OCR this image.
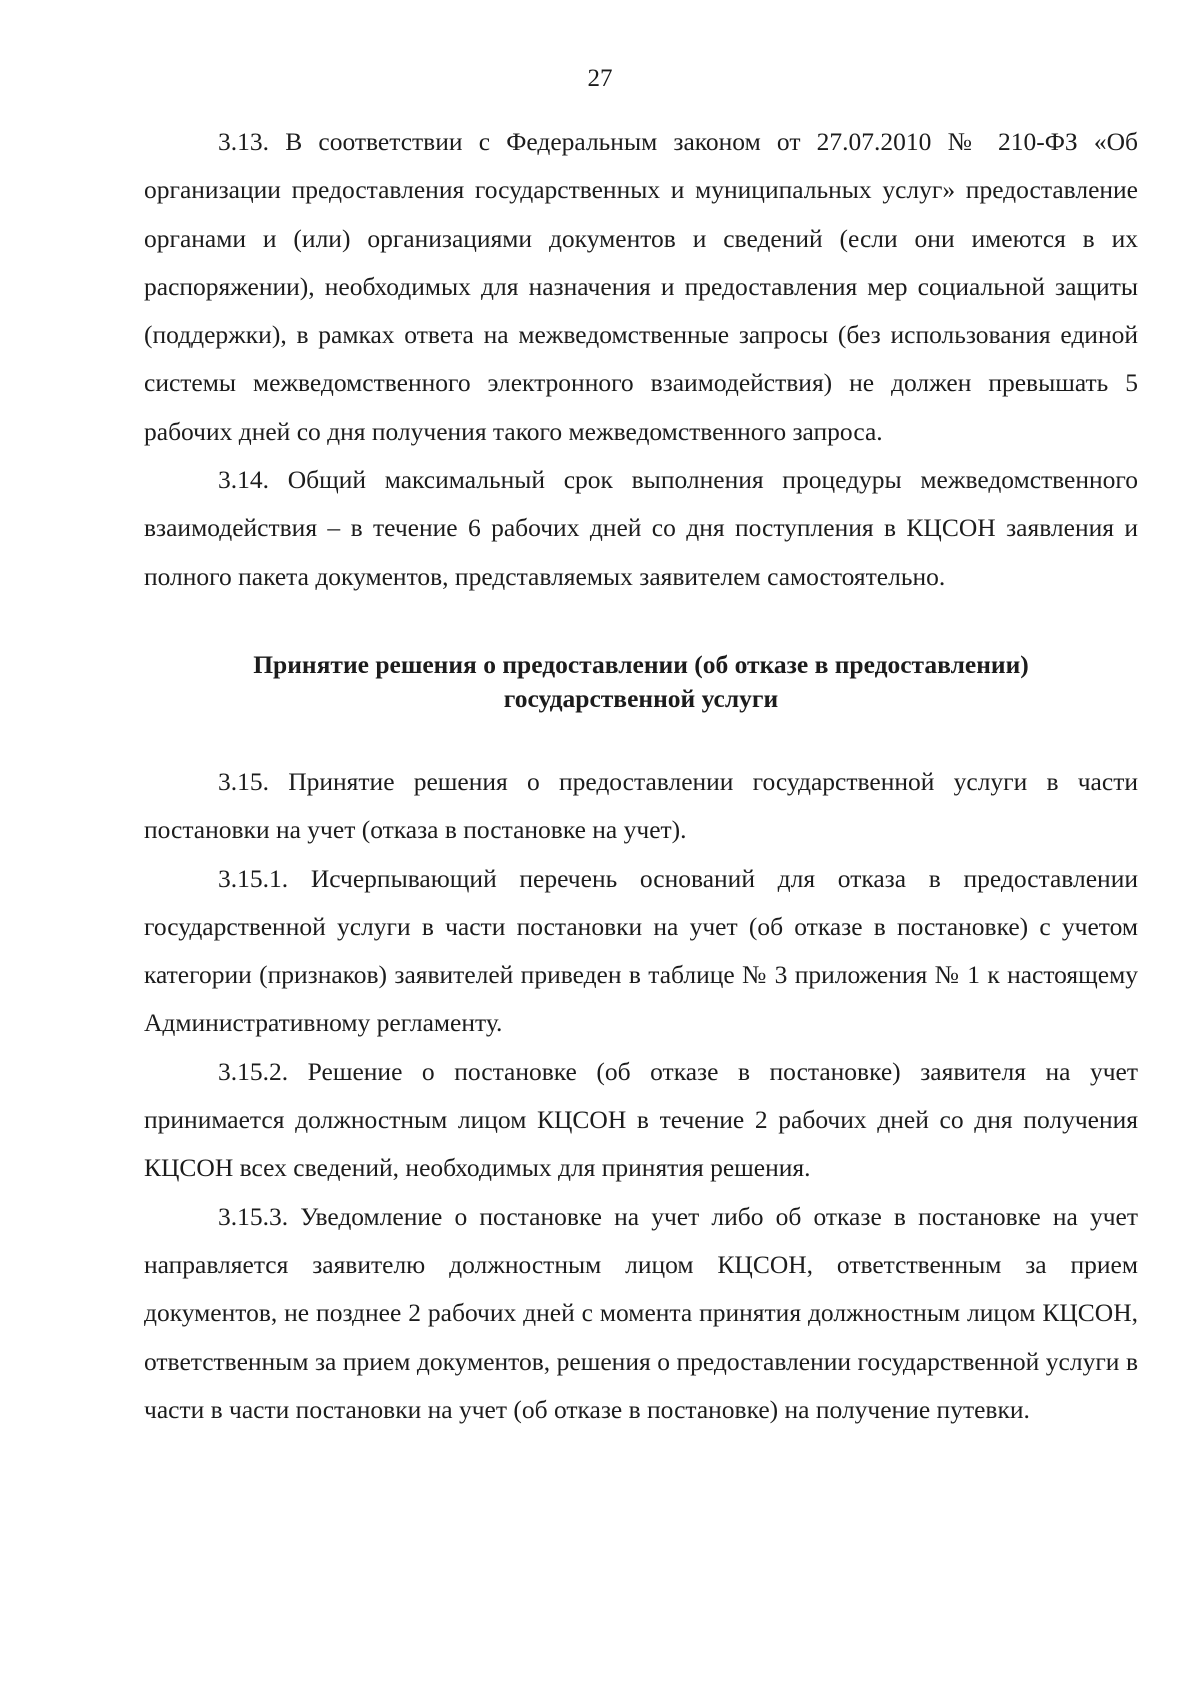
27

3.13. В соответствии с Федеральным законом от 27.07.2010 № 210-ФЗ «Об организации предоставления государственных и муниципальных услуг» предоставление органами и (или) организациями документов и сведений (если они имеются в их распоряжении), необходимых для назначения и предоставления мер социальной защиты (поддержки), в рамках ответа на межведомственные запросы (без использования единой системы межведомственного электронного взаимодействия) не должен превышать 5 рабочих дней со дня получения такого межведомственного запроса.

3.14. Общий максимальный срок выполнения процедуры межведомственного взаимодействия – в течение 6 рабочих дней со дня поступления в КЦСОН заявления и полного пакета документов, представляемых заявителем самостоятельно.

Принятие решения о предоставлении (об отказе в предоставлении)
государственной услуги

3.15. Принятие решения о предоставлении государственной услуги в части постановки на учет (отказа в постановке на учет).

3.15.1. Исчерпывающий перечень оснований для отказа в предоставлении государственной услуги в части постановки на учет (об отказе в постановке) с учетом категории (признаков) заявителей приведен в таблице № 3 приложения № 1 к настоящему Административному регламенту.

3.15.2. Решение о постановке (об отказе в постановке) заявителя на учет принимается должностным лицом КЦСОН в течение 2 рабочих дней со дня получения КЦСОН всех сведений, необходимых для принятия решения.

3.15.3. Уведомление о постановке на учет либо об отказе в постановке на учет направляется заявителю должностным лицом КЦСОН, ответственным за прием документов, не позднее 2 рабочих дней с момента принятия должностным лицом КЦСОН, ответственным за прием документов, решения о предоставлении государственной услуги в части в части постановки на учет (об отказе в постановке) на получение путевки.
